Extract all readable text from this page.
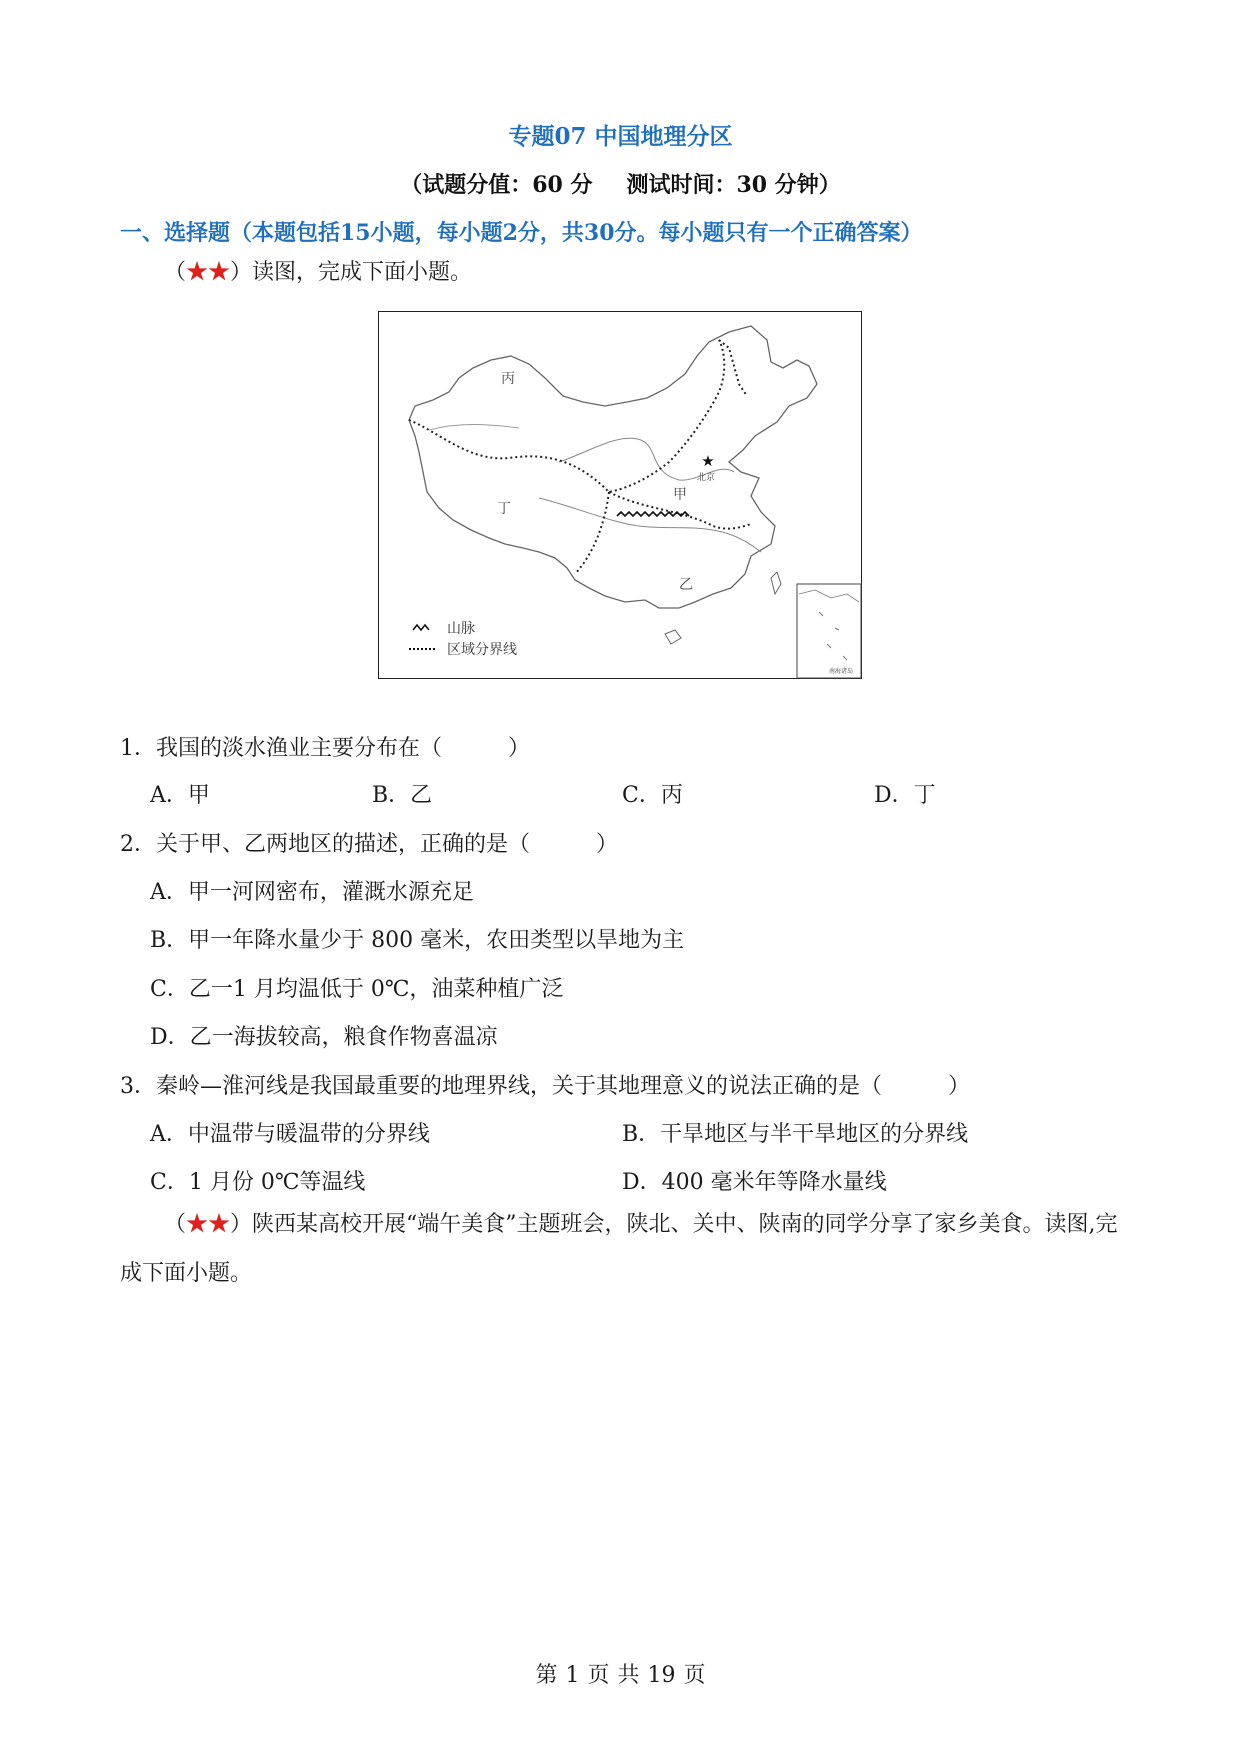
专题07 中国地理分区
（试题分值：60 分 测试时间：30 分钟）
一、选择题（本题包括15小题，每小题2分，共30分。每小题只有一个正确答案）
（★★）读图，完成下面小题。
★
丙
丁
甲
乙
北京
南海诸岛
山脉
区域分界线
1．我国的淡水渔业主要分布在（　　　）
A．甲	B．乙	C．丙	D．丁
2．关于甲、乙两地区的描述，正确的是（　　　）
A．甲一河网密布，灌溉水源充足
B．甲一年降水量少于 800 毫米，农田类型以旱地为主
C．乙一1 月均温低于 0℃，油菜种植广泛
D．乙一海拔较高，粮食作物喜温凉
3．秦岭—淮河线是我国最重要的地理界线，关于其地理意义的说法正确的是（　　　）
A．中温带与暖温带的分界线	B．干旱地区与半干旱地区的分界线
C．1 月份 0℃等温线	D．400 毫米年等降水量线
（★★）陕西某高校开展“端午美食”主题班会，陕北、关中、陕南的同学分享了家乡美食。读图,完成下面小题。
第 1 页 共 19 页
